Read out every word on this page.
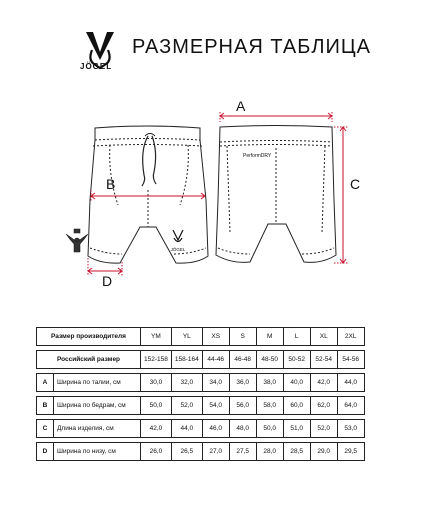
JÖGEL
РАЗМЕРНАЯ ТАБЛИЦА
JÖGEL
PerformDRY
A
B	C
D
Размер производителя		YM	YL	XS	S	M	L	XL	2XL

Российский размер		152-158	158-164	44-46	46-48	48-50	50-52	52-54	54-56

A	Ширина по талии, см	30,0	32,0	34,0	36,0	38,0	40,0	42,0	44,0

B	Ширина по бедрам, см	50,0	52,0	54,0	56,0	58,0	60,0	62,0	64,0

C	Длина изделия, см	42,0	44,0	46,0	48,0	50,0	51,0	52,0	53,0

D	Ширина по низу, см	26,0	26,5	27,0	27,5	28,0	28,5	29,0	29,5
